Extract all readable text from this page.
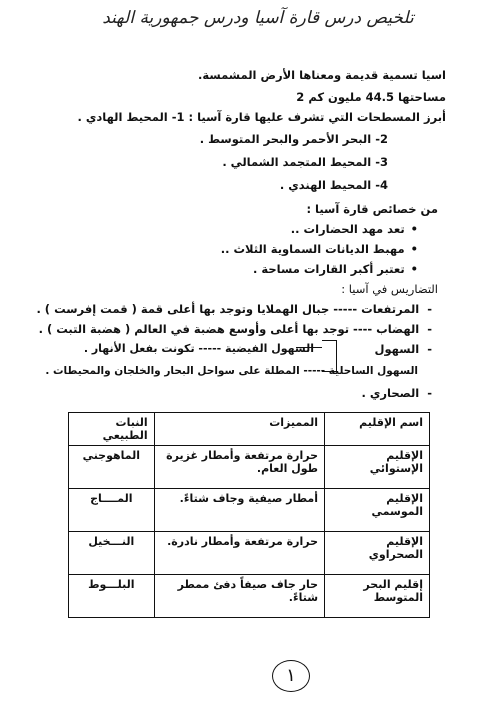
تلخيص درس قارة آسيا ودرس جمهورية الهند
اسيا تسمية قديمة ومعناها الأرض المشمسة.
مساحتها 44.5 مليون كم 2
أبرز المسطحات التي تشرف عليها قارة آسيا : 1- المحيط الهادي .
2- البحر الأحمر والبحر المتوسط .
3- المحيط المتجمد الشمالي .
4- المحيط الهندي .
من خصائص قارة آسيا :
• تعد مهد الحضارات ..
• مهبط الديانات السماوية الثلاث ..
• تعتبر أكبر القارات مساحة .
التضاريس في آسيا :
- المرتفعات ----- جبال الهملايا وتوجد بها أعلى قمة ( قمت إفرست ) .
- الهضاب ---- توجد بها أعلى وأوسع هضبة في العالم ( هضبة التبت ) .
- السهول
السهول الفيضية ----- تكونت بفعل الأنهار .
السهول الساحلية ----- المطلة على سواحل البحار والخلجان والمحيطات .
- الصحاري .
اسم الإقليم	المميزات	النبات الطبيعي
الإقليم الإستوائي	حرارة مرتفعة وأمطار غزيرة طول العام.	الماهوجني
الإقليم الموسمي	أمطار صيفية وجاف شتاءً.	المــــاج
الإقليم الصحراوي	حرارة مرتفعة وأمطار نادرة.	النـــخيل
إقليم البحر المتوسط	حار جاف صيفاً دفئ ممطر شتاءً.	البلـــوط
١
